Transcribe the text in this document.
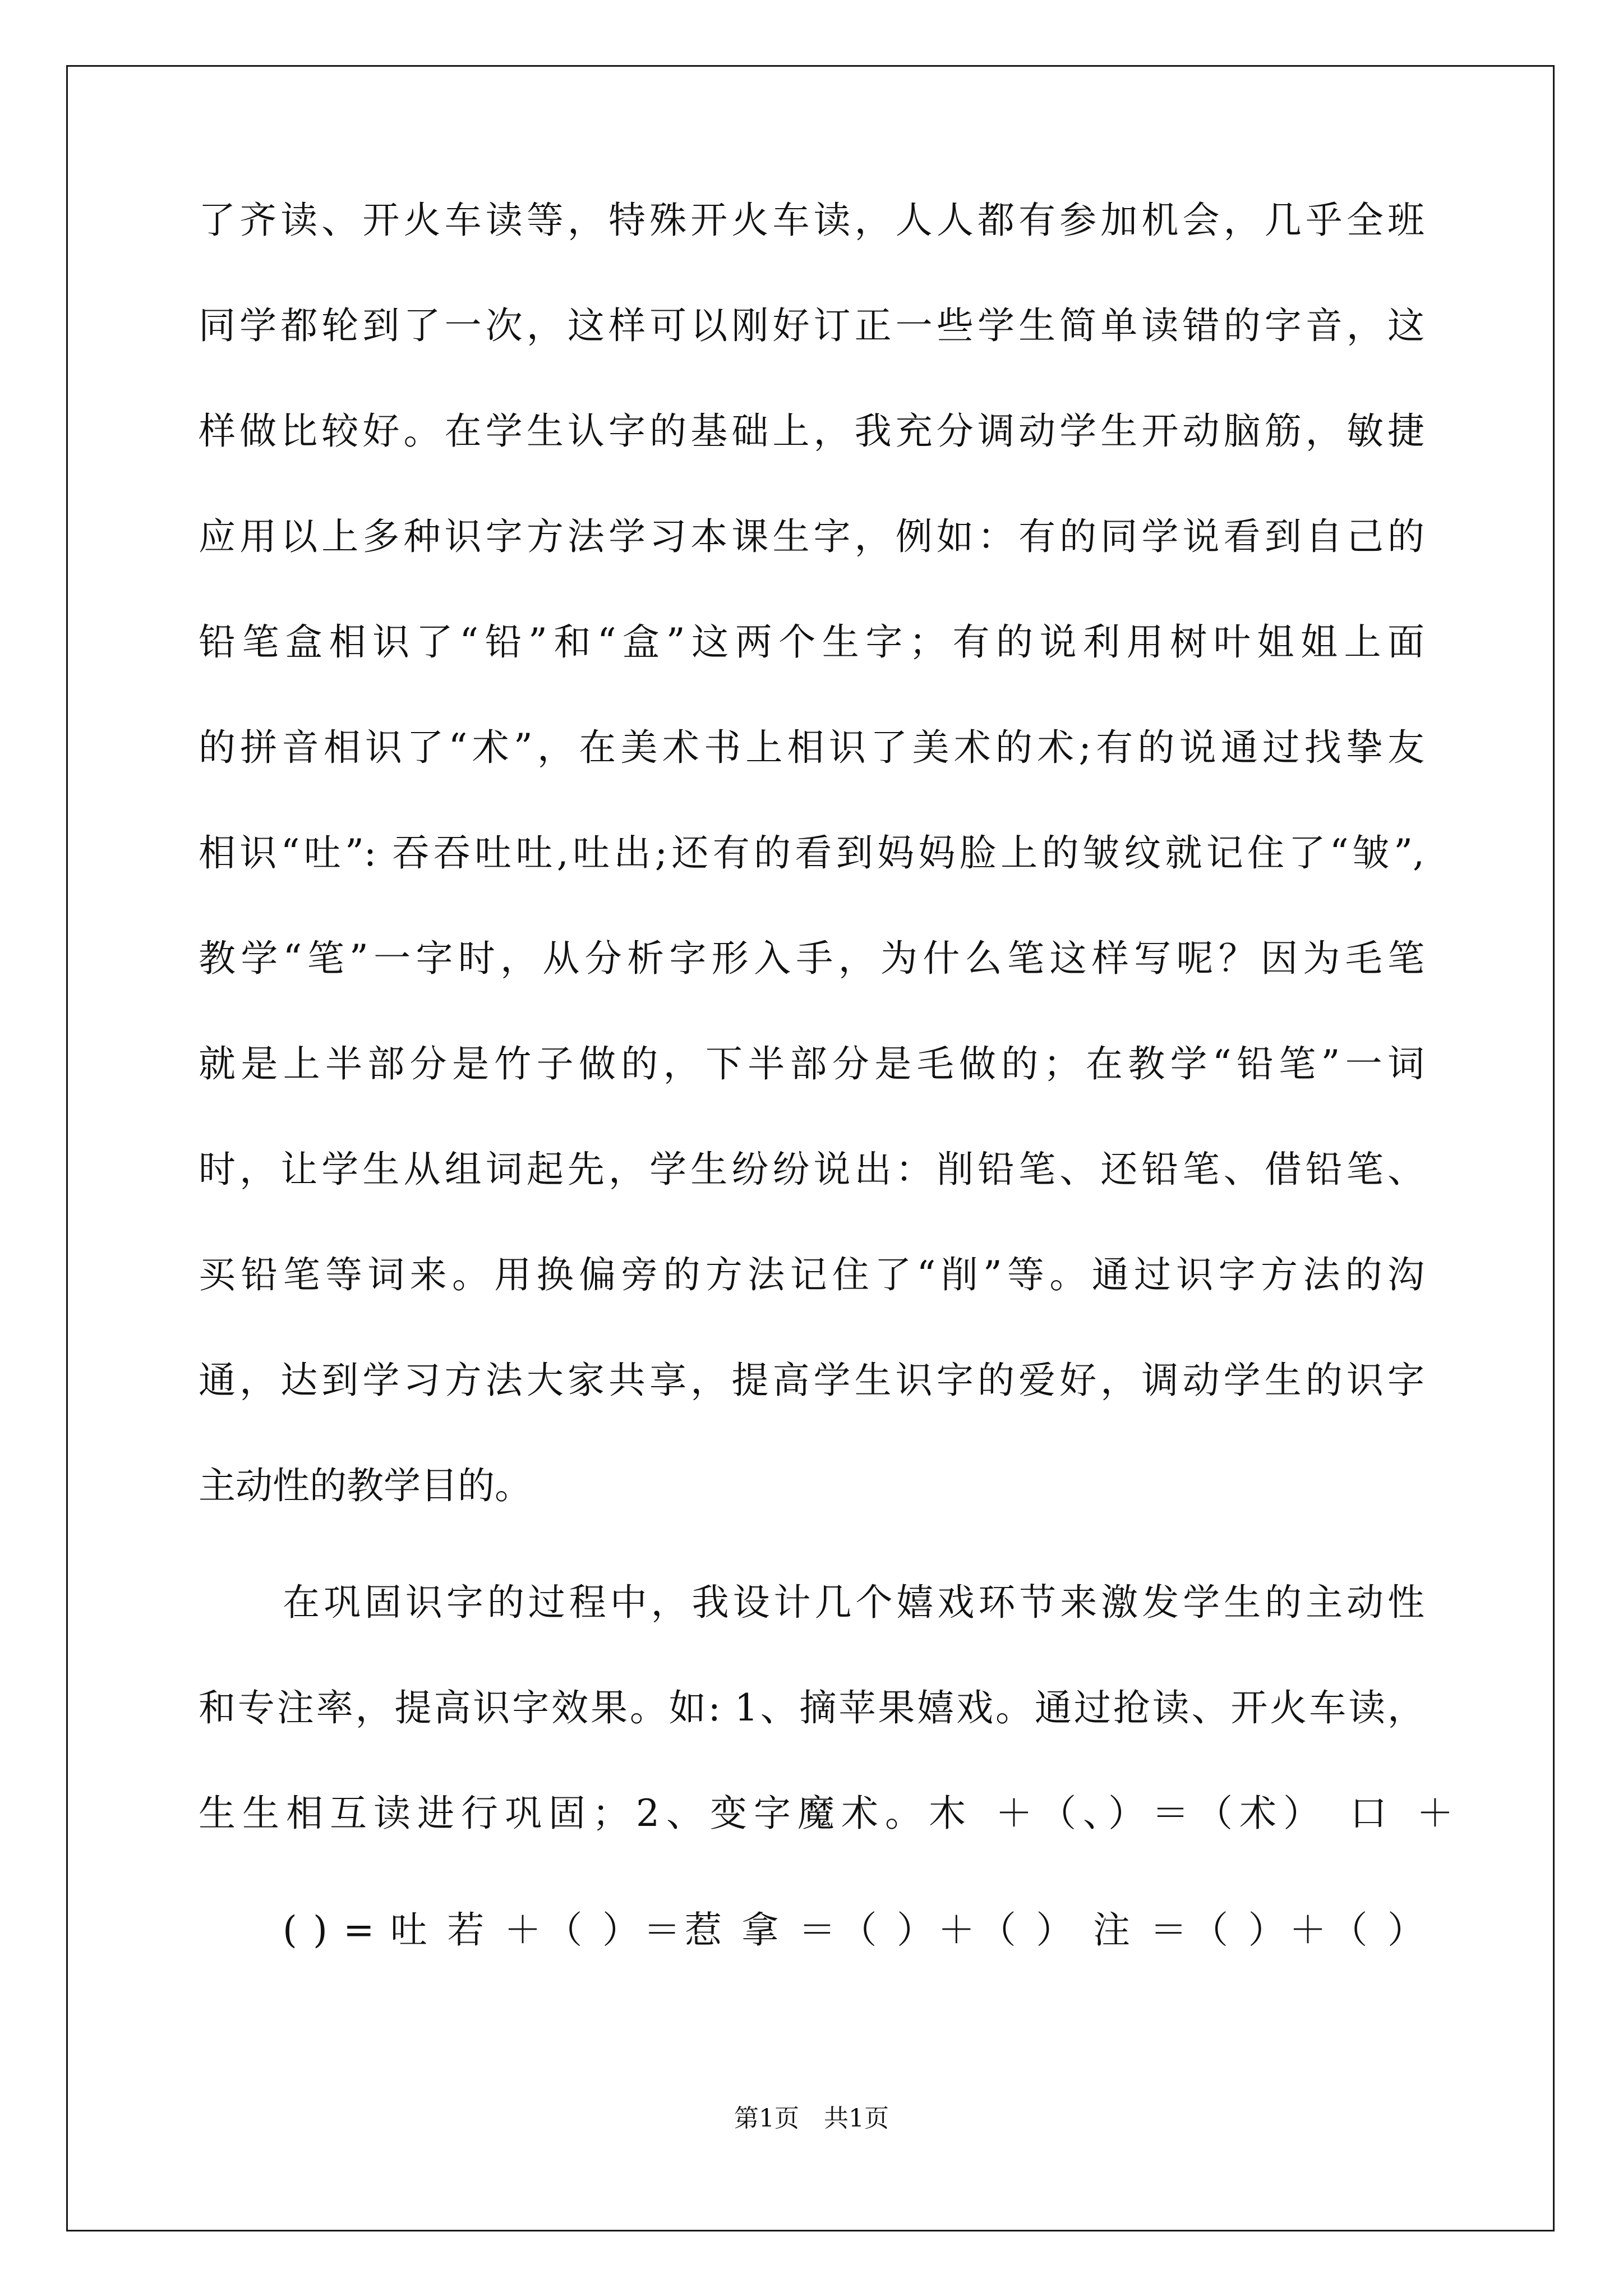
了齐读、开火车读等，特殊开火车读，人人都有参加机会，几乎全班
同学都轮到了一次，这样可以刚好订正一些学生简单读错的字音，这
样做比较好。在学生认字的基础上，我充分调动学生开动脑筋，敏捷
应用以上多种识字方法学习本课生字，例如：有的同学说看到自己的
铅笔盒相识了“铅”和“盒”这两个生字；有的说利用树叶姐姐上面
的拼音相识了“术”，在美术书上相识了美术的术;有的说通过找挚友
相识“吐”: 吞吞吐吐,吐出;还有的看到妈妈脸上的皱纹就记住了“皱”,
教学“笔”一字时，从分析字形入手，为什么笔这样写呢？因为毛笔
就是上半部分是竹子做的，下半部分是毛做的；在教学“铅笔”一词
时，让学生从组词起先，学生纷纷说出：削铅笔、还铅笔、借铅笔、
买铅笔等词来。用换偏旁的方法记住了“削”等。通过识字方法的沟
通，达到学习方法大家共享，提高学生识字的爱好，调动学生的识字
主动性的教学目的。
在巩固识字的过程中，我设计几个嬉戏环节来激发学生的主动性
和专注率，提高识字效果。如: 1、摘苹果嬉戏。通过抢读、开火车读，
生生相互读进行巩固；2、变字魔术。木 ＋（、）＝（术） 口 ＋
( ) = 吐 若 ＋（ ）＝惹 拿 ＝（ ）＋（ ） 注 ＝（ ）＋（ ）
第1页　共1页
